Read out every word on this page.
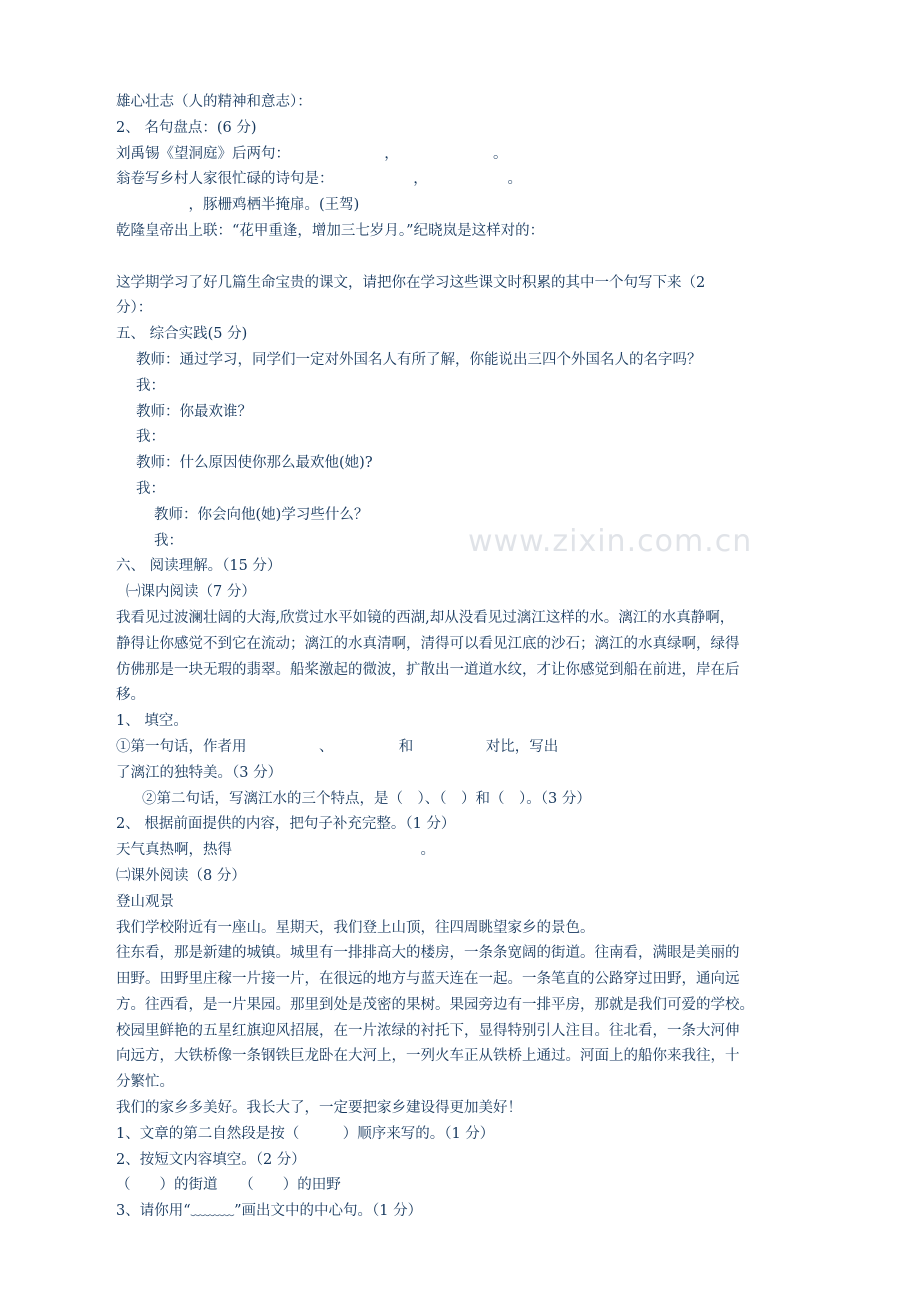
雄心壮志（人的精神和意志）：
2、 名句盘点：(6 分)
刘禹锡《望洞庭》后两句：　　　　　　　，　　　　　　　。
翁卷写乡村人家很忙碌的诗句是：　　　　　　，　　　　　　。
　　　　　，豚栅鸡栖半掩扉。(王驾)
乾隆皇帝出上联：“花甲重逢，增加三七岁月。”纪晓岚是这样对的：
这学期学习了好几篇生命宝贵的课文，请把你在学习这些课文时积累的其中一个句写下来（2
分）：
五、 综合实践(5 分)
教师：通过学习，同学们一定对外国名人有所了解，你能说出三四个外国名人的名字吗？
我：
教师：你最欢谁？
我：
教师：什么原因使你那么最欢他(她)?
我：
教师：你会向他(她)学习些什么？
我：
六、 阅读理解。（15 分）
㈠课内阅读（7 分）
我看见过波澜壮阔的大海,欣赏过水平如镜的西湖,却从没看见过漓江这样的水。漓江的水真静啊，
静得让你感觉不到它在流动；漓江的水真清啊，清得可以看见江底的沙石；漓江的水真绿啊，绿得
仿佛那是一块无瑕的翡翠。船桨激起的微波，扩散出一道道水纹，才让你感觉到船在前进，岸在后
移。
1、 填空。
①第一句话，作者用　　　　　、　　　　　和　　　　　对比，写出
了漓江的独特美。（3 分）
②第二句话，写漓江水的三个特点，是（　）、（　）和（　）。（3 分）
2、 根据前面提供的内容，把句子补充完整。（1 分）
天气真热啊，热得　　　　　　　　　　　　　。
㈡课外阅读（8 分）
登山观景
我们学校附近有一座山。星期天，我们登上山顶，往四周眺望家乡的景色。
往东看，那是新建的城镇。城里有一排排高大的楼房，一条条宽阔的街道。往南看，满眼是美丽的
田野。田野里庄稼一片接一片，在很远的地方与蓝天连在一起。一条笔直的公路穿过田野，通向远
方。往西看，是一片果园。那里到处是茂密的果树。果园旁边有一排平房，那就是我们可爱的学校。
校园里鲜艳的五星红旗迎风招展，在一片浓绿的衬托下，显得特别引人注目。往北看，一条大河伸
向远方，大铁桥像一条钢铁巨龙卧在大河上，一列火车正从铁桥上通过。河面上的船你来我往，十
分繁忙。
我们的家乡多美好。我长大了，一定要把家乡建设得更加美好！
1、文章的第二自然段是按（　　　）顺序来写的。（1 分）
2、按短文内容填空。（2 分）
（　　）的街道　　（　　）的田野
3、请你用“﹏﹏﹏”画出文中的中心句。（1 分）
www.zixin.com.cn
